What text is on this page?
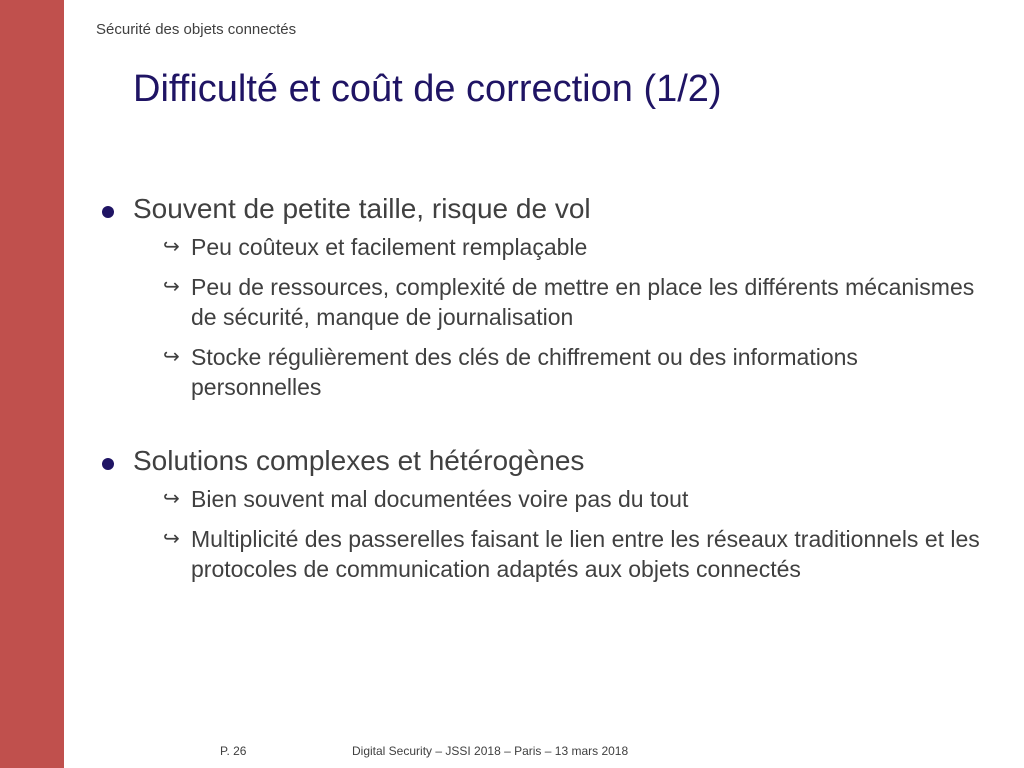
Sécurité des objets connectés
Difficulté et coût de correction (1/2)
Souvent de petite taille, risque de vol
↪ Peu coûteux et facilement remplaçable
↪ Peu de ressources, complexité de mettre en place les différents mécanismes de sécurité, manque de journalisation
↪ Stocke régulièrement des clés de chiffrement ou des informations personnelles
Solutions complexes et hétérogènes
↪ Bien souvent mal documentées voire pas du tout
↪ Multiplicité des passerelles faisant le lien entre les réseaux traditionnels et les protocoles de communication adaptés aux objets connectés
P. 26	Digital Security – JSSI 2018 – Paris – 13 mars 2018
